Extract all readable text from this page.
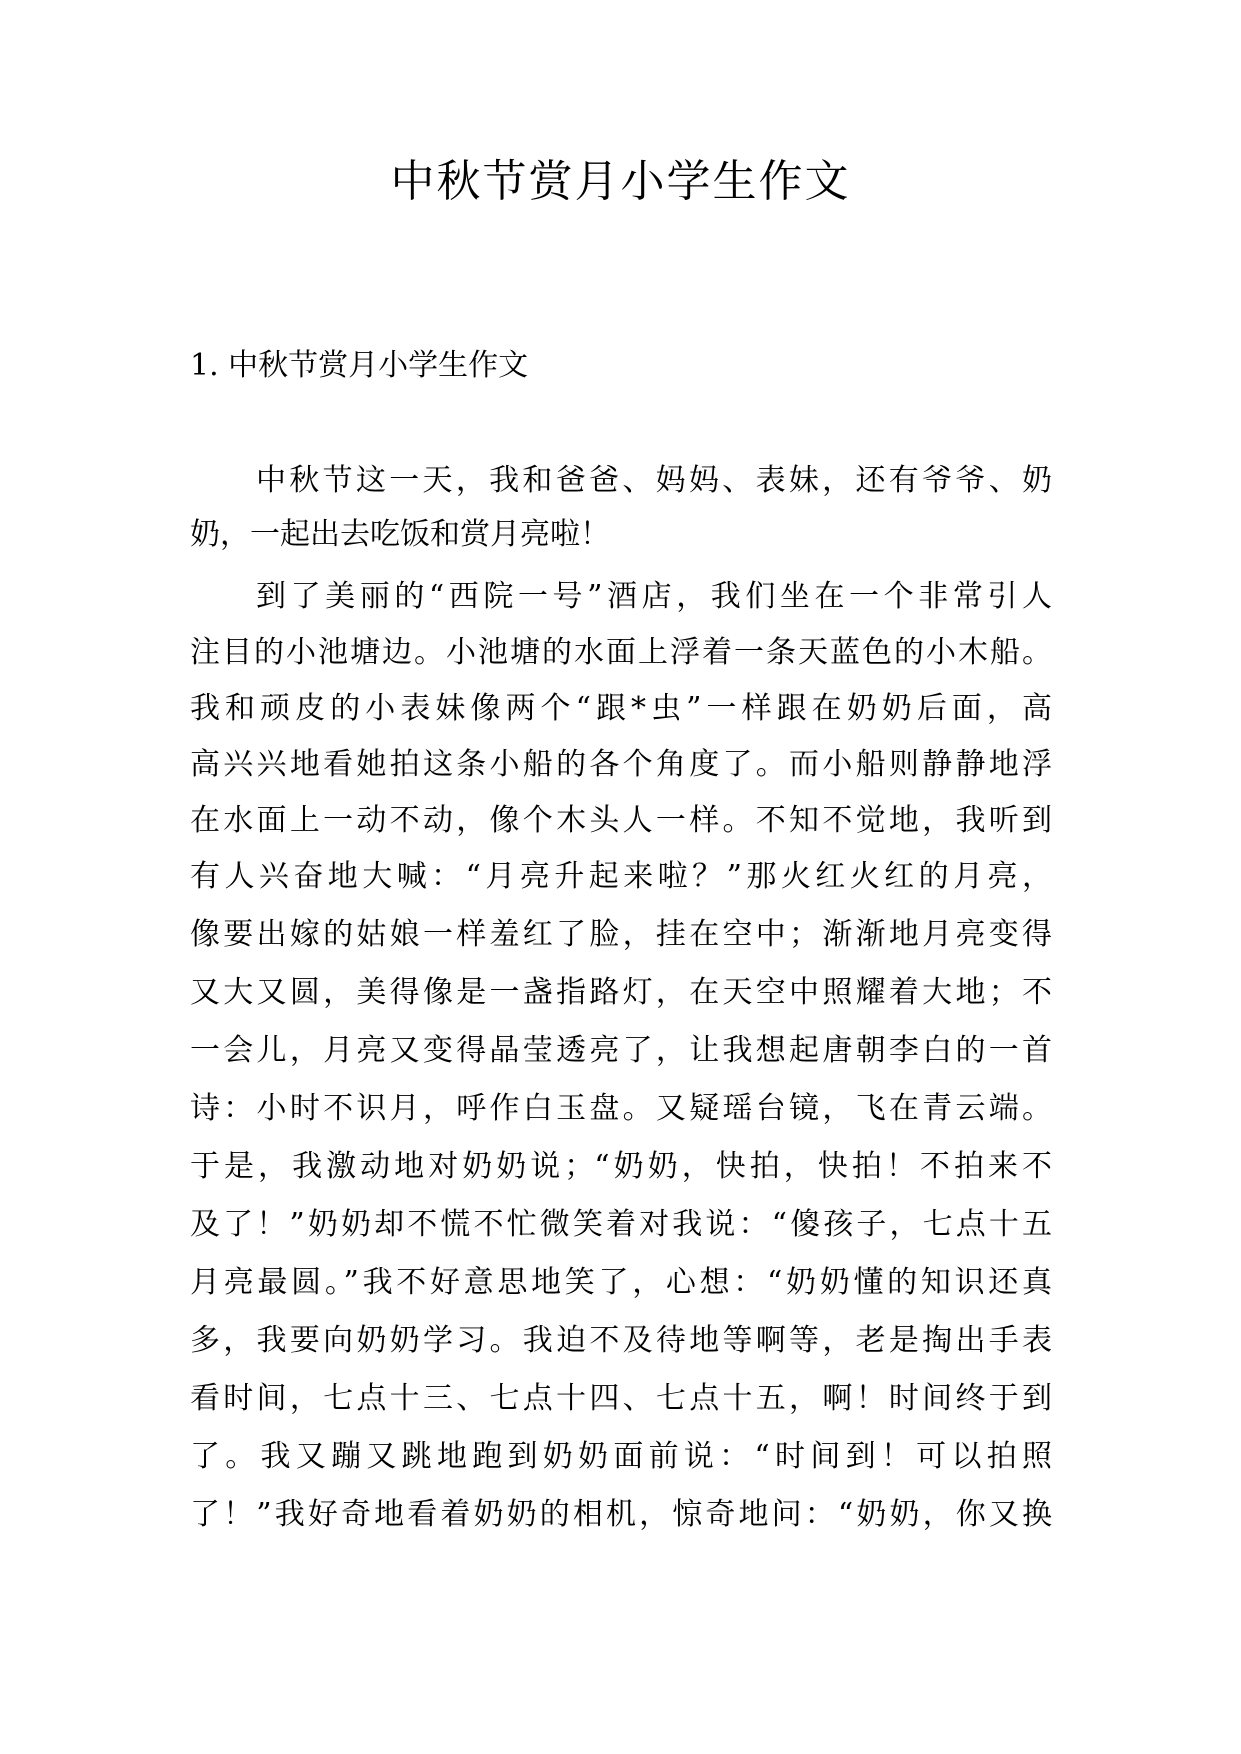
中秋节赏月小学生作文

1. 中秋节赏月小学生作文

中秋节这一天，我和爸爸、妈妈、表妹，还有爷爷、奶

奶，一起出去吃饭和赏月亮啦！

到了美丽的“西院一号”酒店，我们坐在一个非常引人

注目的小池塘边。小池塘的水面上浮着一条天蓝色的小木船。

我和顽皮的小表妹像两个“跟*虫”一样跟在奶奶后面，高

高兴兴地看她拍这条小船的各个角度了。而小船则静静地浮

在水面上一动不动，像个木头人一样。不知不觉地，我听到

有人兴奋地大喊：“月亮升起来啦？”那火红火红的月亮，

像要出嫁的姑娘一样羞红了脸，挂在空中；渐渐地月亮变得

又大又圆，美得像是一盏指路灯，在天空中照耀着大地；不

一会儿，月亮又变得晶莹透亮了，让我想起唐朝李白的一首

诗：小时不识月，呼作白玉盘。又疑瑶台镜，飞在青云端。

于是，我激动地对奶奶说；“奶奶，快拍，快拍！不拍来不

及了！”奶奶却不慌不忙微笑着对我说：“傻孩子，七点十五

月亮最圆。”我不好意思地笑了，心想：“奶奶懂的知识还真

多，我要向奶奶学习。我迫不及待地等啊等，老是掏出手表

看时间，七点十三、七点十四、七点十五，啊！时间终于到

了。我又蹦又跳地跑到奶奶面前说：“时间到！可以拍照

了！”我好奇地看着奶奶的相机，惊奇地问：“奶奶，你又换
